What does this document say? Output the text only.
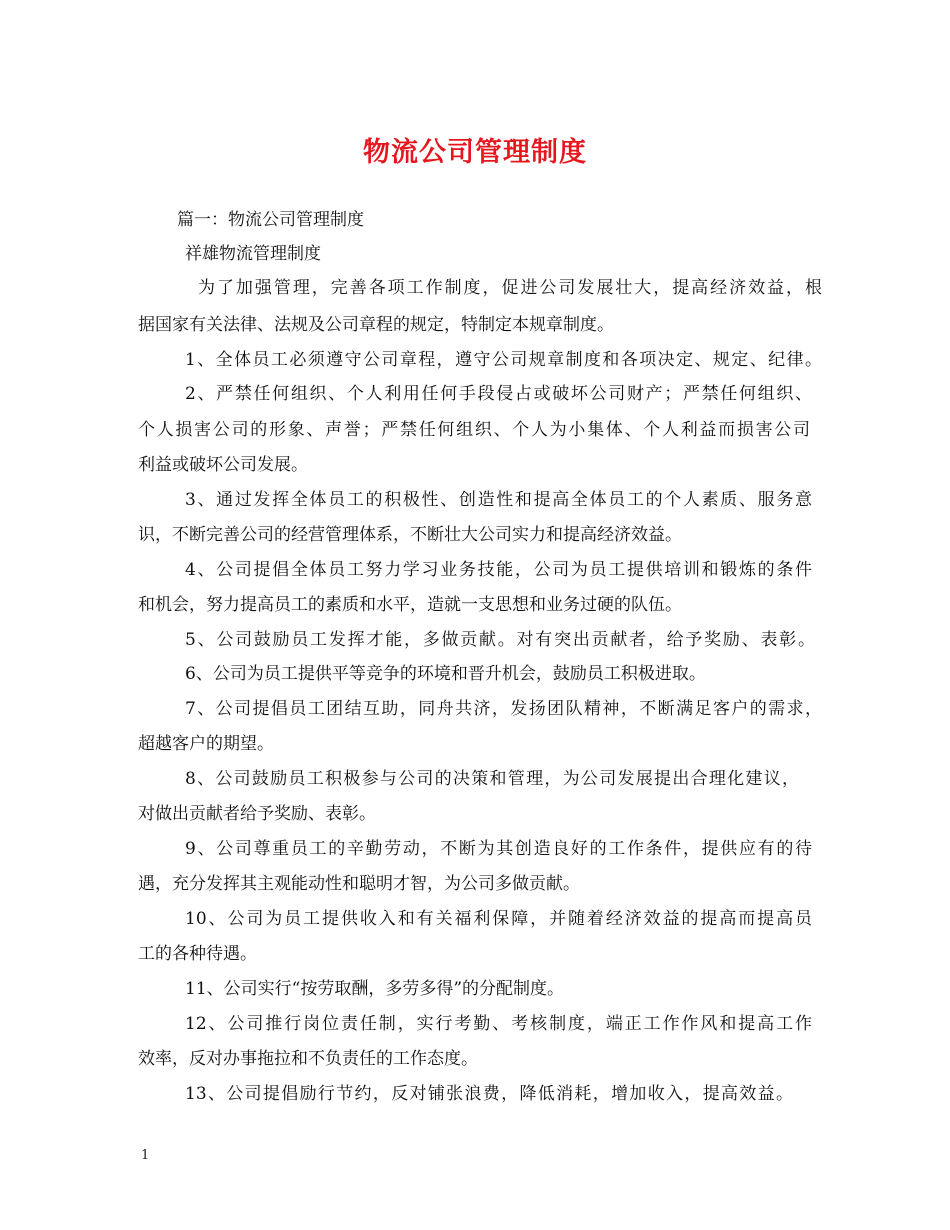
物流公司管理制度
篇一：物流公司管理制度
祥雄物流管理制度
为了加强管理，完善各项工作制度，促进公司发展壮大，提高经济效益，根
据国家有关法律、法规及公司章程的规定，特制定本规章制度。
1、全体员工必须遵守公司章程，遵守公司规章制度和各项决定、规定、纪律。
2、严禁任何组织、个人利用任何手段侵占或破坏公司财产；严禁任何组织、
个人损害公司的形象、声誉；严禁任何组织、个人为小集体、个人利益而损害公司
利益或破坏公司发展。
3、通过发挥全体员工的积极性、创造性和提高全体员工的个人素质、服务意
识，不断完善公司的经营管理体系，不断壮大公司实力和提高经济效益。
4、公司提倡全体员工努力学习业务技能，公司为员工提供培训和锻炼的条件
和机会，努力提高员工的素质和水平，造就一支思想和业务过硬的队伍。
5、公司鼓励员工发挥才能，多做贡献。对有突出贡献者，给予奖励、表彰。
6、公司为员工提供平等竞争的环境和晋升机会，鼓励员工积极进取。
7、公司提倡员工团结互助，同舟共济，发扬团队精神，不断满足客户的需求，
超越客户的期望。
8、公司鼓励员工积极参与公司的决策和管理，为公司发展提出合理化建议，
对做出贡献者给予奖励、表彰。
9、公司尊重员工的辛勤劳动，不断为其创造良好的工作条件，提供应有的待
遇，充分发挥其主观能动性和聪明才智，为公司多做贡献。
10、公司为员工提供收入和有关福利保障，并随着经济效益的提高而提高员
工的各种待遇。
11、公司实行“按劳取酬，多劳多得”的分配制度。
12、公司推行岗位责任制，实行考勤、考核制度，端正工作作风和提高工作
效率，反对办事拖拉和不负责任的工作态度。
13、公司提倡励行节约，反对铺张浪费，降低消耗，增加收入，提高效益。
1
